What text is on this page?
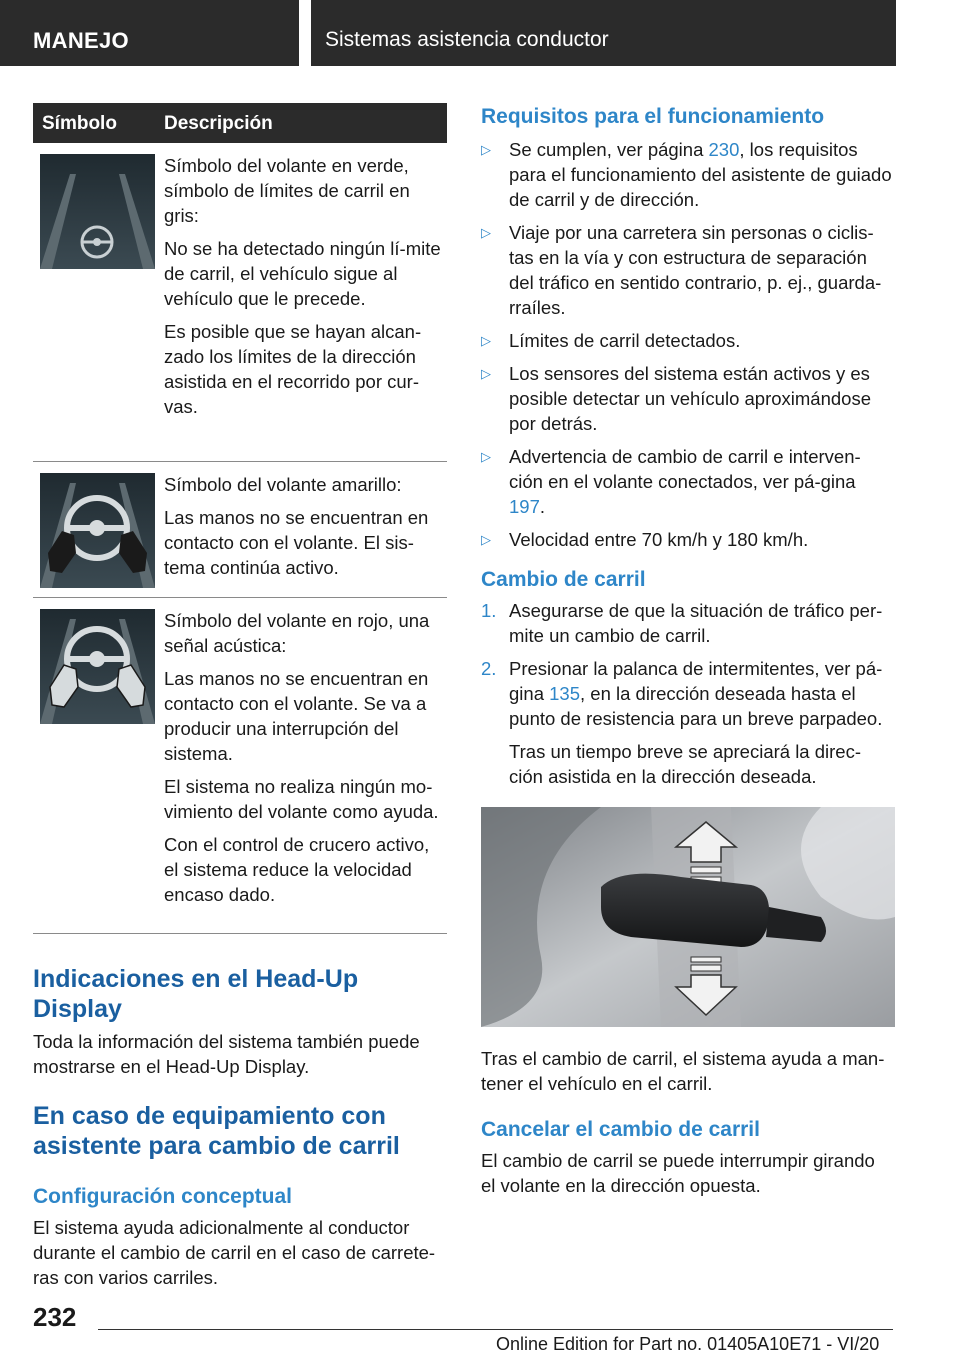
MANEJO	Sistemas asistencia conductor
Símbolo Descripción

Símbolo del volante en verde, símbolo de límites de carril en gris:

No se ha detectado ningún lí-mite de carril, el vehículo sigue al vehículo que le precede.

Es posible que se hayan alcan-zado los límites de la dirección asistida en el recorrido por cur-vas.

Símbolo del volante amarillo:

Las manos no se encuentran en contacto con el volante. El sis-tema continúa activo.

Símbolo del volante en rojo, una señal acústica:

Las manos no se encuentran en contacto con el volante. Se va a producir una interrupción del sistema.

El sistema no realiza ningún mo-vimiento del volante como ayuda.

Con el control de crucero activo, el sistema reduce la velocidad encaso dado.

Indicaciones en el Head-Up Display

Toda la información del sistema también puede mostrarse en el Head-Up Display.

En caso de equipamiento con asistente para cambio de carril
Configuración conceptual

El sistema ayuda adicionalmente al conductor durante el cambio de carril en el caso de carrete-ras con varios carriles.

Requisitos para el funcionamiento
▷ Se cumplen, ver página 230, los requisitos para el funcionamiento del asistente de guiado de carril y de dirección.
▷ Viaje por una carretera sin personas o ciclis-tas en la vía y con estructura de separación del tráfico en sentido contrario, p. ej., guarda-rraíles.
▷ Límites de carril detectados.
▷ Los sensores del sistema están activos y es posible detectar un vehículo aproximándose por detrás.
▷ Advertencia de cambio de carril e interven-ción en el volante conectados, ver pá-gina 197.
▷ Velocidad entre 70 km/h y 180 km/h.
Cambio de carril
1. Asegurarse de que la situación de tráfico per-mite un cambio de carril.
2. Presionar la palanca de intermitentes, ver pá-gina 135, en la dirección deseada hasta el punto de resistencia para un breve parpadeo.
Tras un tiempo breve se apreciará la direc-ción asistida en la dirección deseada.

Tras el cambio de carril, el sistema ayuda a man-tener el vehículo en el carril.

Cancelar el cambio de carril

El cambio de carril se puede interrumpir girando el volante en la dirección opuesta.

232
Online Edition for Part no. 01405A10E71 - VI/20
